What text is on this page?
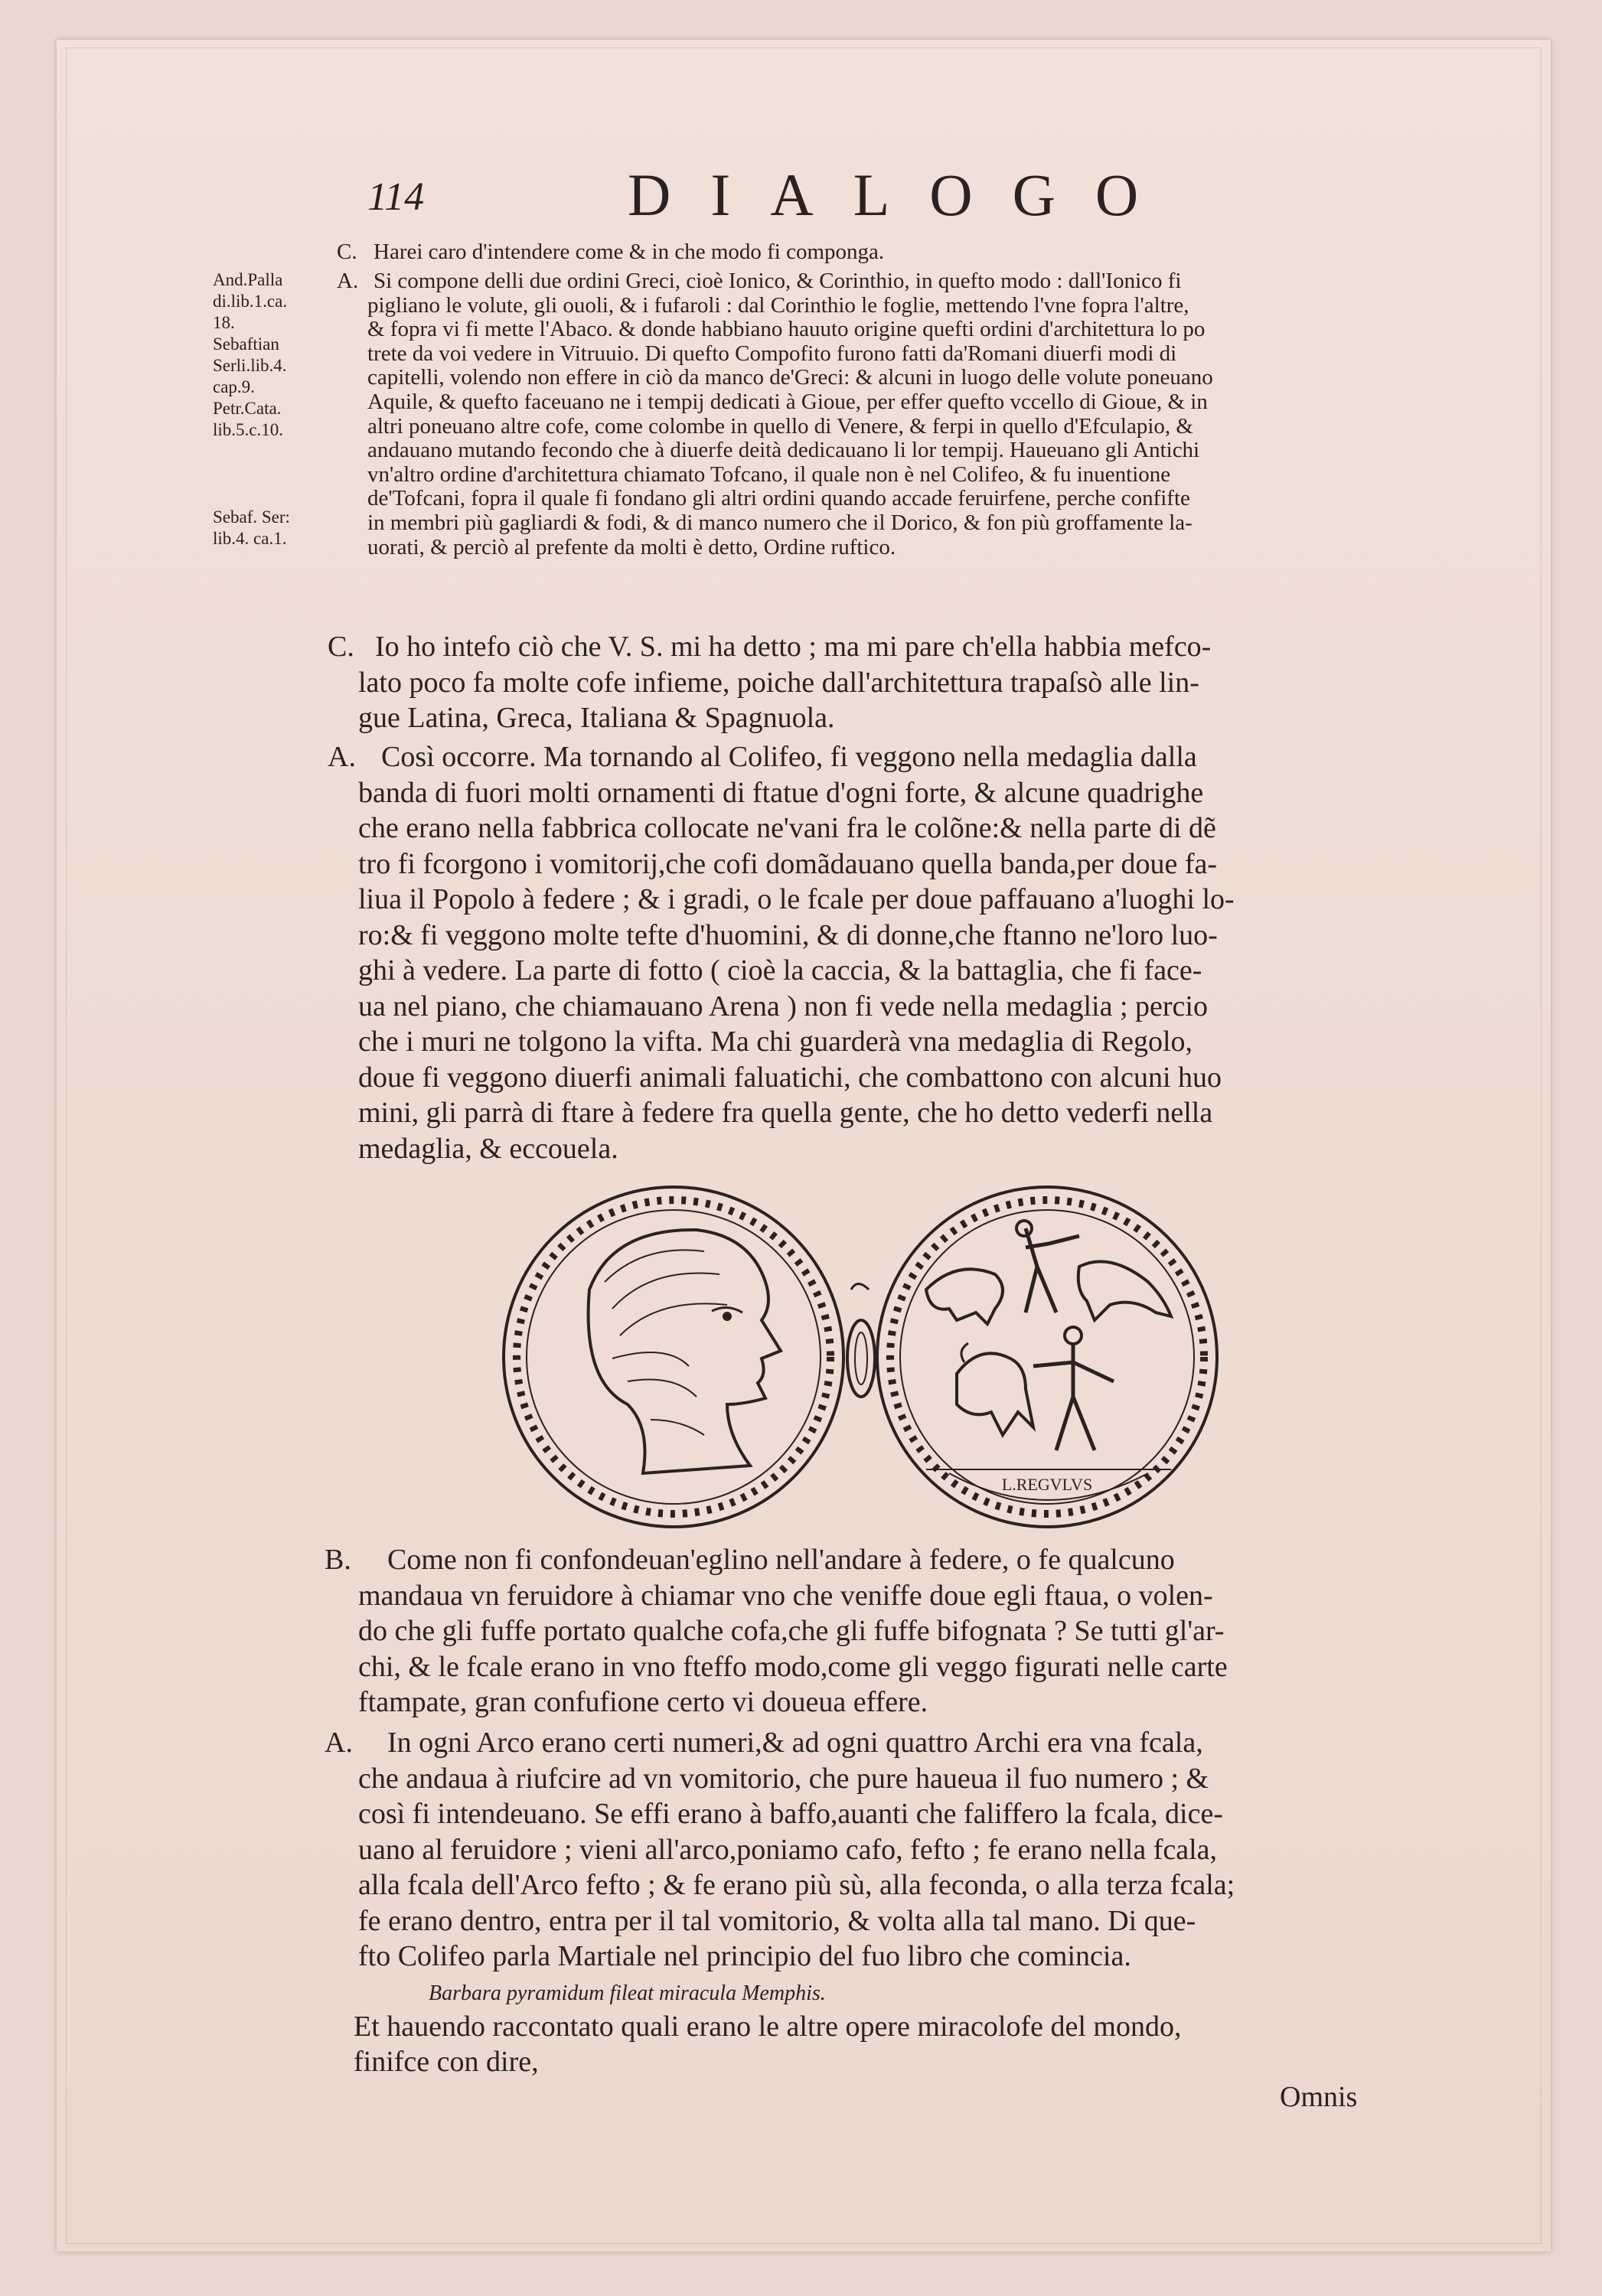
114	DIALOGO
And.Palla
di.lib.1.ca.
18.
Sebaftian
Serli.lib.4.
cap.9.
Petr.Cata.
lib.5.c.10.
Sebaf. Ser:
lib.4. ca.1.
C. Harei caro d'intendere come & in che modo fi componga.
A. Si compone delli due ordini Greci, cioè Ionico, & Corinthio, in quefto modo : dall'Ionico fi
pigliano le volute, gli ouoli, & i fufaroli : dal Corinthio le foglie, mettendo l'vne fopra l'altre,
& fopra vi fi mette l'Abaco. & donde habbiano hauuto origine quefti ordini d'architettura lo po
trete da voi vedere in Vitruuio. Di quefto Compofito furono fatti da'Romani diuerfi modi di
capitelli, volendo non effere in ciò da manco de'Greci: & alcuni in luogo delle volute poneuano
Aquile, & quefto faceuano ne i tempij dedicati à Gioue, per effer quefto vccello di Gioue, & in
altri poneuano altre cofe, come colombe in quello di Venere, & ferpi in quello d'Efculapio, &
andauano mutando fecondo che à diuerfe deità dedicauano li lor tempij. Haueuano gli Antichi
vn'altro ordine d'architettura chiamato Tofcano, il quale non è nel Colifeo, & fu inuentione
de'Tofcani, fopra il quale fi fondano gli altri ordini quando accade feruirfene, perche confifte
in membri più gagliardi & fodi, & di manco numero che il Dorico, & fon più groffamente la-
uorati, & perciò al prefente da molti è detto, Ordine ruftico.
C. Io ho intefo ciò che V. S. mi ha detto ; ma mi pare ch'ella habbia mefco-
lato poco fa molte cofe infieme, poiche dall'architettura trapaſsò alle lin-
gue Latina, Greca, Italiana & Spagnuola.
A. Così occorre. Ma tornando al Colifeo, fi veggono nella medaglia dalla
banda di fuori molti ornamenti di ftatue d'ogni forte, & alcune quadrighe
che erano nella fabbrica collocate ne'vani fra le colõne:& nella parte di dẽ
tro fi fcorgono i vomitorij,che cofi domãdauano quella banda,per doue fa-
liua il Popolo à federe ; & i gradi, o le fcale per doue paffauano a'luoghi lo-
ro:& fi veggono molte tefte d'huomini, & di donne,che ftanno ne'loro luo-
ghi à vedere. La parte di fotto ( cioè la caccia, & la battaglia, che fi face-
ua nel piano, che chiamauano Arena ) non fi vede nella medaglia ; percio
che i muri ne tolgono la vifta. Ma chi guarderà vna medaglia di Regolo,
doue fi veggono diuerfi animali faluatichi, che combattono con alcuni huo
mini, gli parrà di ftare à federe fra quella gente, che ho detto vederfi nella
medaglia, & eccouela.
L.REGVLVS
B. Come non fi confondeuan'eglino nell'andare à federe, o fe qualcuno
mandaua vn feruidore à chiamar vno che veniffe doue egli ftaua, o volen-
do che gli fuffe portato qualche cofa,che gli fuffe bifognata ? Se tutti gl'ar-
chi, & le fcale erano in vno fteffo modo,come gli veggo figurati nelle carte
ftampate, gran confufione certo vi doueua effere.
A. In ogni Arco erano certi numeri,& ad ogni quattro Archi era vna fcala,
che andaua à riufcire ad vn vomitorio, che pure haueua il fuo numero ; &
così fi intendeuano. Se effi erano à baffo,auanti che faliffero la fcala, dice-
uano al feruidore ; vieni all'arco,poniamo cafo, fefto ; fe erano nella fcala,
alla fcala dell'Arco fefto ; & fe erano più sù, alla feconda, o alla terza fcala;
fe erano dentro, entra per il tal vomitorio, & volta alla tal mano. Di que-
fto Colifeo parla Martiale nel principio del fuo libro che comincia.
Barbara pyramidum fileat miracula Memphis.
Et hauendo raccontato quali erano le altre opere miracolofe del mondo,
finifce con dire,
Omnis
